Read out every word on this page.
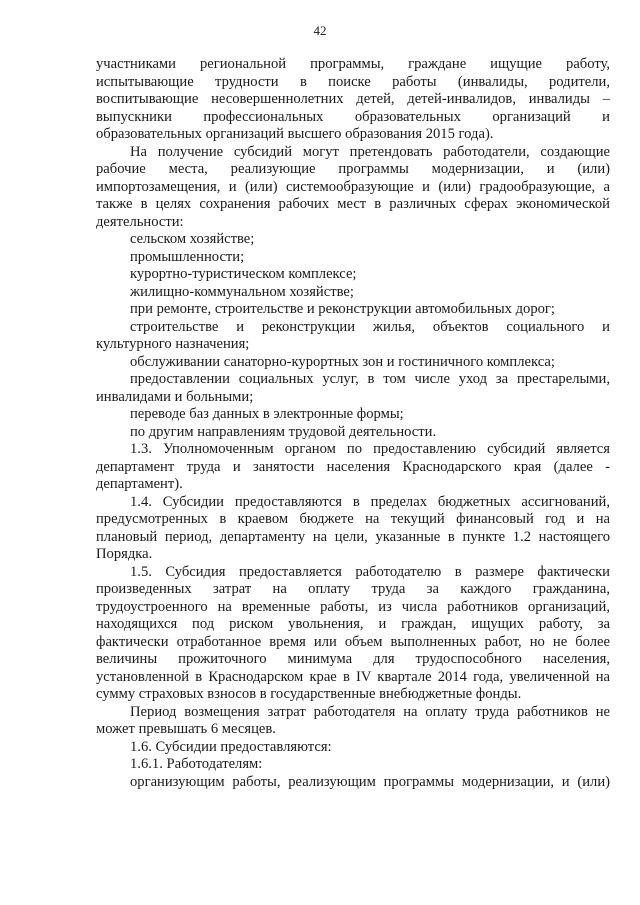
42
участниками региональной программы, граждане ищущие работу,
испытывающие трудности в поиске работы (инвалиды, родители,
воспитывающие несовершеннолетних детей, детей-инвалидов, инвалиды –
выпускники профессиональных образовательных организаций и
образовательных организаций высшего образования 2015 года).
На получение субсидий могут претендовать работодатели, создающие
рабочие места, реализующие программы модернизации, и (или)
импортозамещения, и (или) системообразующие и (или) градообразующие, а
также в целях сохранения рабочих мест в различных сферах экономической
деятельности:
сельском хозяйстве;
промышленности;
курортно-туристическом комплексе;
жилищно-коммунальном хозяйстве;
при ремонте, строительстве и реконструкции автомобильных дорог;
строительстве и реконструкции жилья, объектов социального и
культурного назначения;
обслуживании санаторно-курортных зон и гостиничного комплекса;
предоставлении социальных услуг, в том числе уход за престарелыми,
инвалидами и больными;
переводе баз данных в электронные формы;
по другим направлениям трудовой деятельности.
1.3. Уполномоченным органом по предоставлению субсидий является
департамент труда и занятости населения Краснодарского края (далее -
департамент).
1.4. Субсидии предоставляются в пределах бюджетных ассигнований,
предусмотренных в краевом бюджете на текущий финансовый год и на
плановый период, департаменту на цели, указанные в пункте 1.2 настоящего
Порядка.
1.5. Субсидия предоставляется работодателю в размере фактически
произведенных затрат на оплату труда за каждого гражданина,
трудоустроенного на временные работы, из числа работников организаций,
находящихся под риском увольнения, и граждан, ищущих работу, за
фактически отработанное время или объем выполненных работ, но не более
величины прожиточного минимума для трудоспособного населения,
установленной в Краснодарском крае в IV квартале 2014 года, увеличенной на
сумму страховых взносов в государственные внебюджетные фонды.
Период возмещения затрат работодателя на оплату труда работников не
может превышать 6 месяцев.
1.6. Субсидии предоставляются:
1.6.1. Работодателям:
организующим работы, реализующим программы модернизации, и (или)
